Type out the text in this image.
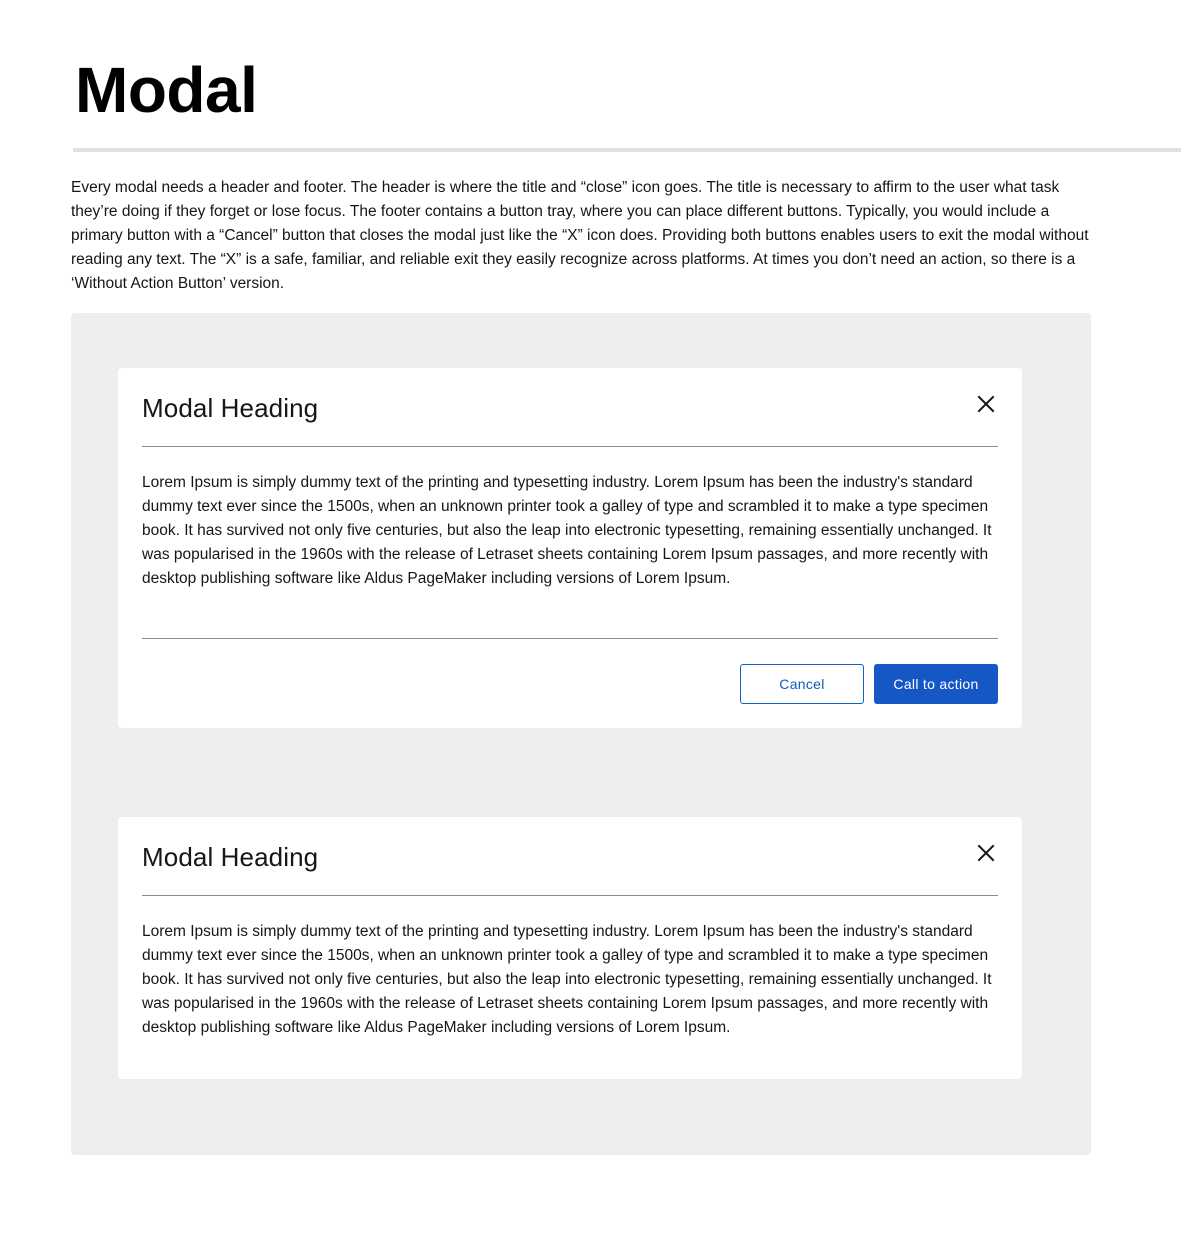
Modal

Every modal needs a header and footer. The header is where the title and “close” icon goes. The title is necessary to affirm to the user what task they’re doing if they forget or lose focus. The footer contains a button tray, where you can place different buttons. Typically, you would include a primary button with a “Cancel” button that closes the modal just like the “X” icon does. Providing both buttons enables users to exit the modal without reading any text. The “X” is a safe, familiar, and reliable exit they easily recognize across platforms. At times you don’t need an action, so there is a ‘Without Action Button’ version.

Modal Heading

Lorem Ipsum is simply dummy text of the printing and typesetting industry. Lorem Ipsum has been the industry's standard dummy text ever since the 1500s, when an unknown printer took a galley of type and scrambled it to make a type specimen book. It has survived not only five centuries, but also the leap into electronic typesetting, remaining essentially unchanged. It was popularised in the 1960s with the release of Letraset sheets containing Lorem Ipsum passages, and more recently with desktop publishing software like Aldus PageMaker including versions of Lorem Ipsum.

Cancel	Call to action
Modal Heading

Lorem Ipsum is simply dummy text of the printing and typesetting industry. Lorem Ipsum has been the industry's standard dummy text ever since the 1500s, when an unknown printer took a galley of type and scrambled it to make a type specimen book. It has survived not only five centuries, but also the leap into electronic typesetting, remaining essentially unchanged. It was popularised in the 1960s with the release of Letraset sheets containing Lorem Ipsum passages, and more recently with desktop publishing software like Aldus PageMaker including versions of Lorem Ipsum.
